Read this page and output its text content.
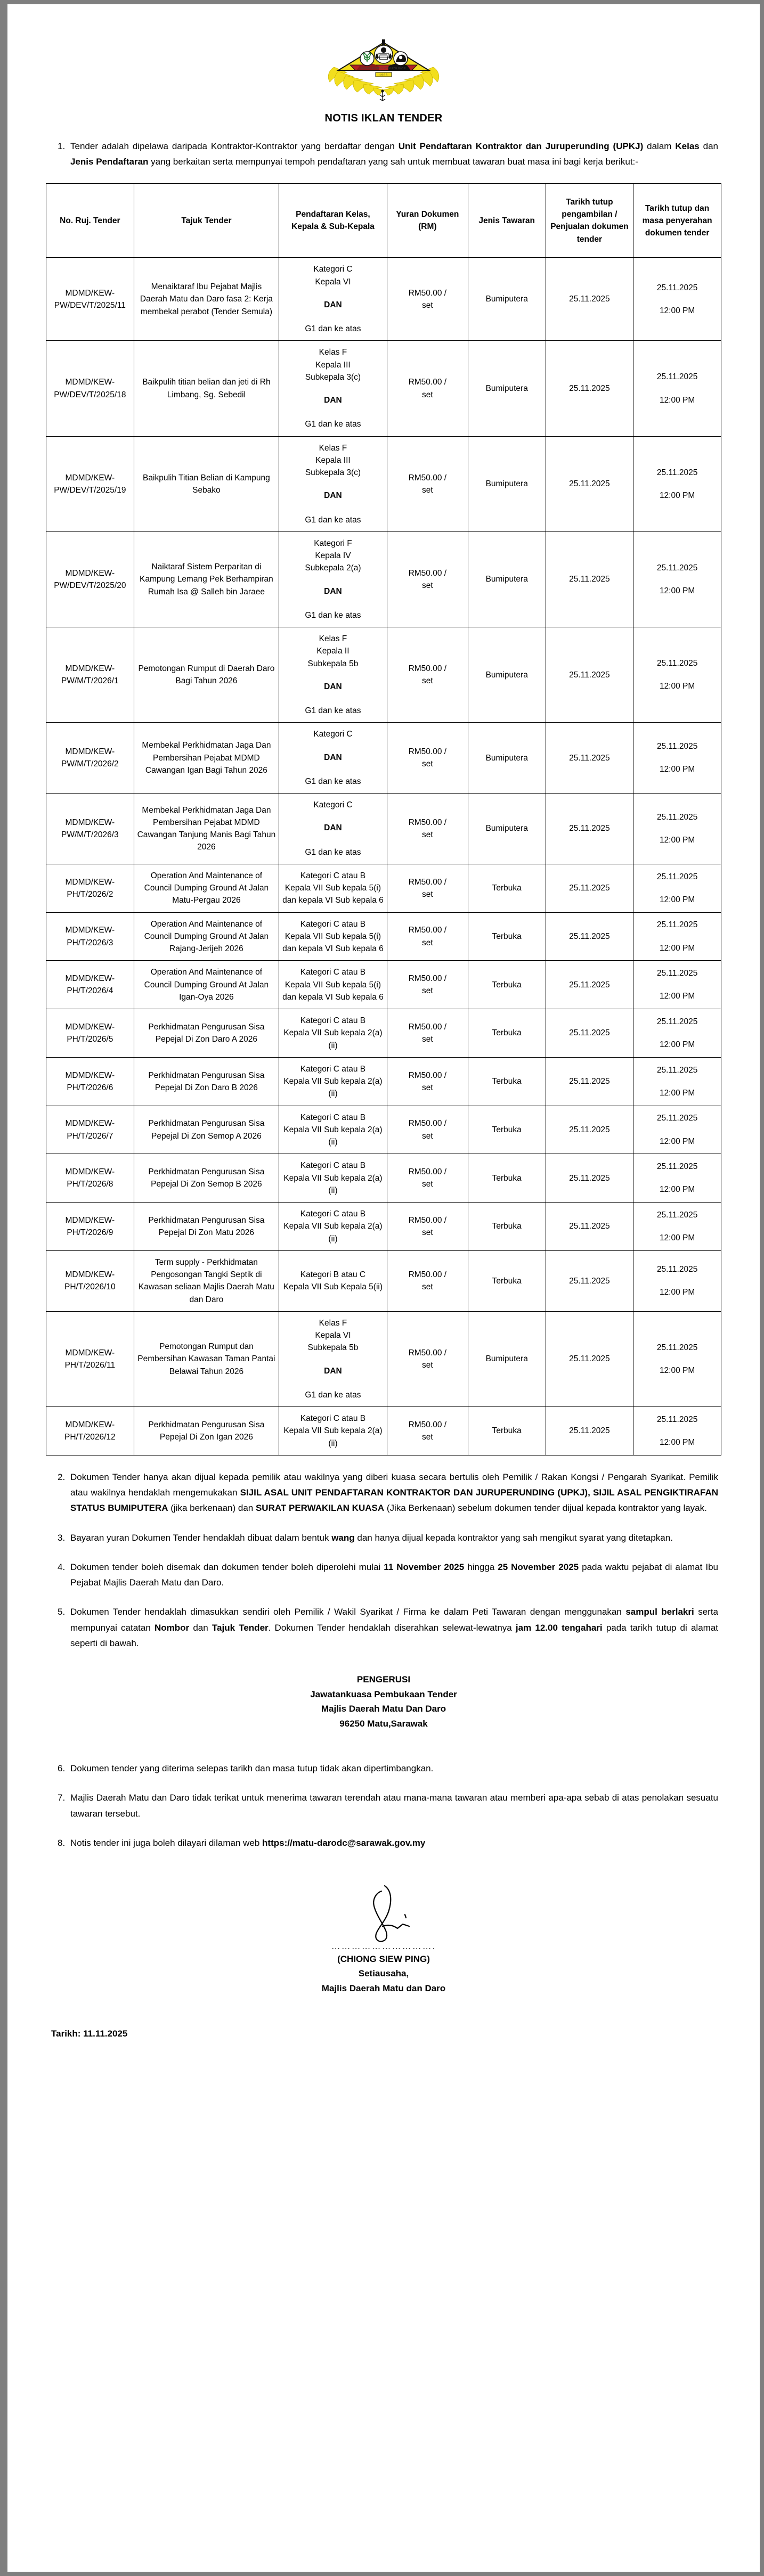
MAJLIS DAERAH MATU DAN DARO
1963
NOTIS IKLAN TENDER
1. Tender adalah dipelawa daripada Kontraktor-Kontraktor yang berdaftar dengan Unit Pendaftaran Kontraktor dan Juruperunding (UPKJ) dalam Kelas dan Jenis Pendaftaran yang berkaitan serta mempunyai tempoh pendaftaran yang sah untuk membuat tawaran buat masa ini bagi kerja berikut:-
No. Ruj. Tender	Tajuk Tender	Pendaftaran Kelas, Kepala & Sub-Kepala	Yuran Dokumen (RM)	Jenis Tawaran	Tarikh tutup pengambilan / Penjualan dokumen tender	Tarikh tutup dan masa penyerahan dokumen tender
MDMD/KEW-PW/DEV/T/2025/11	Menaiktaraf Ibu Pejabat Majlis Daerah Matu dan Daro fasa 2: Kerja membekal perabot (Tender Semula)	Kategori C
Kepala VI
DAN
G1 dan ke atas	RM50.00 /
set	Bumiputera	25.11.2025	25.11.2025
12:00 PM

MDMD/KEW-PW/DEV/T/2025/18	Baikpulih titian belian dan jeti di Rh Limbang, Sg. Sebedil	Kelas F
Kepala III
Subkepala 3(c)
DAN
G1 dan ke atas	RM50.00 /
set	Bumiputera	25.11.2025	25.11.2025
12:00 PM

MDMD/KEW-PW/DEV/T/2025/19	Baikpulih Titian Belian di Kampung Sebako	Kelas F
Kepala III
Subkepala 3(c)
DAN
G1 dan ke atas	RM50.00 /
set	Bumiputera	25.11.2025	25.11.2025
12:00 PM

MDMD/KEW-PW/DEV/T/2025/20	Naiktaraf Sistem Perparitan di Kampung Lemang Pek Berhampiran Rumah Isa @ Salleh bin Jaraee	Kategori F
Kepala IV
Subkepala 2(a)
DAN
G1 dan ke atas	RM50.00 /
set	Bumiputera	25.11.2025	25.11.2025
12:00 PM

MDMD/KEW-PW/M/T/2026/1	Pemotongan Rumput di Daerah Daro Bagi Tahun 2026	Kelas F
Kepala II
Subkepala 5b
DAN
G1 dan ke atas	RM50.00 /
set	Bumiputera	25.11.2025	25.11.2025
12:00 PM

MDMD/KEW-PW/M/T/2026/2	Membekal Perkhidmatan Jaga Dan Pembersihan Pejabat MDMD Cawangan Igan Bagi Tahun 2026	Kategori C
DAN
G1 dan ke atas	RM50.00 /
set	Bumiputera	25.11.2025	25.11.2025
12:00 PM

MDMD/KEW-PW/M/T/2026/3	Membekal Perkhidmatan Jaga Dan Pembersihan Pejabat MDMD Cawangan Tanjung Manis Bagi Tahun 2026	Kategori C
DAN
G1 dan ke atas	RM50.00 /
set	Bumiputera	25.11.2025	25.11.2025
12:00 PM

MDMD/KEW-PH/T/2026/2	Operation And Maintenance of Council Dumping Ground At Jalan Matu-Pergau 2026	Kategori C atau B
Kepala VII Sub kepala 5(i) dan kepala VI Sub kepala 6	RM50.00 /
set	Terbuka	25.11.2025	25.11.2025
12:00 PM

MDMD/KEW-PH/T/2026/3	Operation And Maintenance of Council Dumping Ground At Jalan Rajang-Jerijeh 2026	Kategori C atau B
Kepala VII Sub kepala 5(i) dan kepala VI Sub kepala 6	RM50.00 /
set	Terbuka	25.11.2025	25.11.2025
12:00 PM

MDMD/KEW-PH/T/2026/4	Operation And Maintenance of Council Dumping Ground At Jalan Igan-Oya 2026	Kategori C atau B
Kepala VII Sub kepala 5(i) dan kepala VI Sub kepala 6	RM50.00 /
set	Terbuka	25.11.2025	25.11.2025
12:00 PM

MDMD/KEW-PH/T/2026/5	Perkhidmatan Pengurusan Sisa Pepejal Di Zon Daro A 2026	Kategori C atau B
Kepala VII Sub kepala 2(a)(ii)	RM50.00 /
set	Terbuka	25.11.2025	25.11.2025
12:00 PM

MDMD/KEW-PH/T/2026/6	Perkhidmatan Pengurusan Sisa Pepejal Di Zon Daro B 2026	Kategori C atau B
Kepala VII Sub kepala 2(a)(ii)	RM50.00 /
set	Terbuka	25.11.2025	25.11.2025
12:00 PM

MDMD/KEW-PH/T/2026/7	Perkhidmatan Pengurusan Sisa Pepejal Di Zon Semop A 2026	Kategori C atau B
Kepala VII Sub kepala 2(a)(ii)	RM50.00 /
set	Terbuka	25.11.2025	25.11.2025
12:00 PM

MDMD/KEW-PH/T/2026/8	Perkhidmatan Pengurusan Sisa Pepejal Di Zon Semop B 2026	Kategori C atau B
Kepala VII Sub kepala 2(a)(ii)	RM50.00 /
set	Terbuka	25.11.2025	25.11.2025
12:00 PM

MDMD/KEW-PH/T/2026/9	Perkhidmatan Pengurusan Sisa Pepejal Di Zon Matu 2026	Kategori C atau B
Kepala VII Sub kepala 2(a)(ii)	RM50.00 /
set	Terbuka	25.11.2025	25.11.2025
12:00 PM

MDMD/KEW-PH/T/2026/10	Term supply - Perkhidmatan Pengosongan Tangki Septik di Kawasan seliaan Majlis Daerah Matu dan Daro	Kategori B atau C
Kepala VII Sub Kepala 5(ii)	RM50.00 /
set	Terbuka	25.11.2025	25.11.2025
12:00 PM

MDMD/KEW-PH/T/2026/11	Pemotongan Rumput dan Pembersihan Kawasan Taman Pantai Belawai Tahun 2026	Kelas F
Kepala VI
Subkepala 5b
DAN
G1 dan ke atas	RM50.00 /
set	Bumiputera	25.11.2025	25.11.2025
12:00 PM

MDMD/KEW-PH/T/2026/12	Perkhidmatan Pengurusan Sisa Pepejal Di Zon Igan 2026	Kategori C atau B
Kepala VII Sub kepala 2(a)(ii)	RM50.00 /
set	Terbuka	25.11.2025	25.11.2025
12:00 PM
2. Dokumen Tender hanya akan dijual kepada pemilik atau wakilnya yang diberi kuasa secara bertulis oleh Pemilik / Rakan Kongsi / Pengarah Syarikat. Pemilik atau wakilnya hendaklah mengemukakan SIJIL ASAL UNIT PENDAFTARAN KONTRAKTOR DAN JURUPERUNDING (UPKJ), SIJIL ASAL PENGIKTIRAFAN STATUS BUMIPUTERA (jika berkenaan) dan SURAT PERWAKILAN KUASA (Jika Berkenaan) sebelum dokumen tender dijual kepada kontraktor yang layak.
3. Bayaran yuran Dokumen Tender hendaklah dibuat dalam bentuk wang dan hanya dijual kepada kontraktor yang sah mengikut syarat yang ditetapkan.
4. Dokumen tender boleh disemak dan dokumen tender boleh diperolehi mulai 11 November 2025 hingga 25 November 2025 pada waktu pejabat di alamat Ibu Pejabat Majlis Daerah Matu dan Daro.
5. Dokumen Tender hendaklah dimasukkan sendiri oleh Pemilik / Wakil Syarikat / Firma ke dalam Peti Tawaran dengan menggunakan sampul berlakri serta mempunyai catatan Nombor dan Tajuk Tender. Dokumen Tender hendaklah diserahkan selewat-lewatnya jam 12.00 tengahari pada tarikh tutup di alamat seperti di bawah.
PENGERUSI
Jawatankuasa Pembukaan Tender
Majlis Daerah Matu Dan Daro
96250 Matu,Sarawak
6. Dokumen tender yang diterima selepas tarikh dan masa tutup tidak akan dipertimbangkan.
7. Majlis Daerah Matu dan Daro tidak terikat untuk menerima tawaran terendah atau mana-mana tawaran atau memberi apa-apa sebab di atas penolakan sesuatu tawaran tersebut.
8. Notis tender ini juga boleh dilayari dilaman web https://matu-darodc@sarawak.gov.my
………………………….
(CHIONG SIEW PING)
Setiausaha,
Majlis Daerah Matu dan Daro
Tarikh: 11.11.2025
